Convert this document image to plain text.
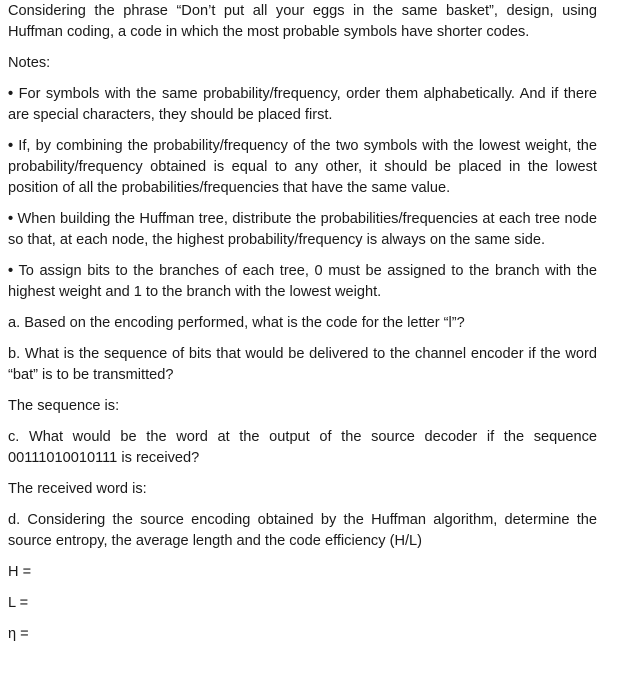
Considering the phrase “Don’t put all your eggs in the same basket”, design, using Huffman coding, a code in which the most probable symbols have shorter codes.

Notes:

• For symbols with the same probability/frequency, order them alphabetically. And if there are special characters, they should be placed first.

• If, by combining the probability/frequency of the two symbols with the lowest weight, the probability/frequency obtained is equal to any other, it should be placed in the lowest position of all the probabilities/frequencies that have the same value.

• When building the Huffman tree, distribute the probabilities/frequencies at each tree node so that, at each node, the highest probability/frequency is always on the same side.

• To assign bits to the branches of each tree, 0 must be assigned to the branch with the highest weight and 1 to the branch with the lowest weight.

a. Based on the encoding performed, what is the code for the letter “l”?

b. What is the sequence of bits that would be delivered to the channel encoder if the word “bat” is to be transmitted?

The sequence is:

c. What would be the word at the output of the source decoder if the sequence 00111010010111 is received?

The received word is:

d. Considering the source encoding obtained by the Huffman algorithm, determine the source entropy, the average length and the code efficiency (H/L)

H =

L =

η =
